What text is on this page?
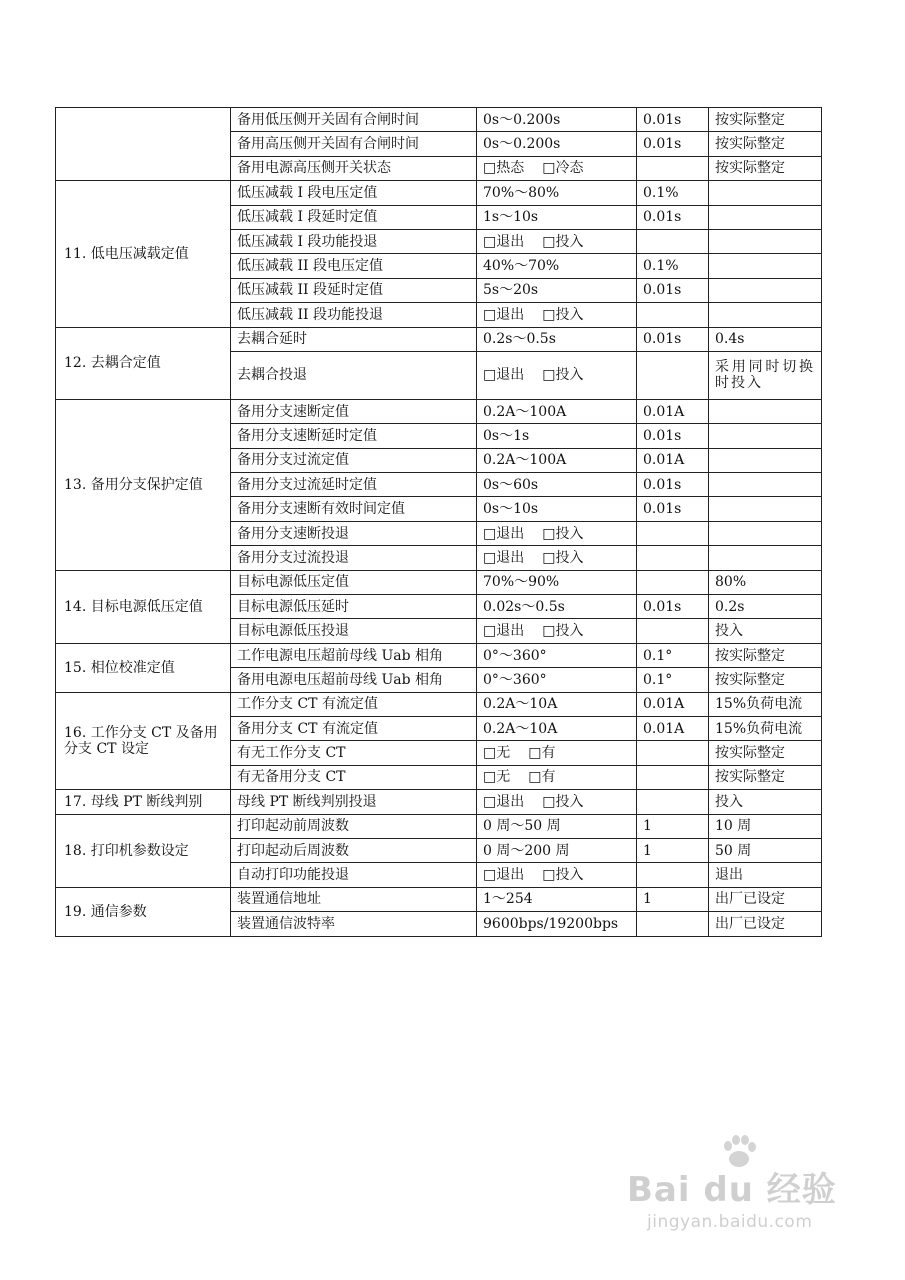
	备用低压侧开关固有合闸时间	0s～0.200s	0.01s	按实际整定
	备用高压侧开关固有合闸时间	0s～0.200s	0.01s	按实际整定
	备用电源高压侧开关状态	□热态 □冷态		按实际整定
11. 低电压减载定值	低压减载 I 段电压定值	70%～80%	0.1%	
	低压减载 I 段延时定值	1s～10s	0.01s	
	低压减载 I 段功能投退	□退出 □投入		
	低压减载 II 段电压定值	40%～70%	0.1%	
	低压减载 II 段延时定值	5s～20s	0.01s	
	低压减载 II 段功能投退	□退出 □投入		
12. 去耦合定值	去耦合延时	0.2s～0.5s	0.01s	0.4s
	去耦合投退	□退出 □投入		采用同时切换时投入
13. 备用分支保护定值	备用分支速断定值	0.2A～100A	0.01A	
	备用分支速断延时定值	0s～1s	0.01s	
	备用分支过流定值	0.2A～100A	0.01A	
	备用分支过流延时定值	0s～60s	0.01s	
	备用分支速断有效时间定值	0s～10s	0.01s	
	备用分支速断投退	□退出 □投入		
	备用分支过流投退	□退出 □投入		
14. 目标电源低压定值	目标电源低压定值	70%～90%		80%
	目标电源低压延时	0.02s～0.5s	0.01s	0.2s
	目标电源低压投退	□退出 □投入		投入
15. 相位校准定值	工作电源电压超前母线 Uab 相角	0°～360°	0.1°	按实际整定
	备用电源电压超前母线 Uab 相角	0°～360°	0.1°	按实际整定
16. 工作分支 CT 及备用分支 CT 设定	工作分支 CT 有流定值	0.2A～10A	0.01A	15%负荷电流
	备用分支 CT 有流定值	0.2A～10A	0.01A	15%负荷电流
	有无工作分支 CT	□无 □有		按实际整定
	有无备用分支 CT	□无 □有		按实际整定
17. 母线 PT 断线判别	母线 PT 断线判别投退	□退出 □投入		投入
18. 打印机参数设定	打印起动前周波数	0 周～50 周	1	10 周
	打印起动后周波数	0 周～200 周	1	50 周
	自动打印功能投退	□退出 □投入		退出
19. 通信参数	装置通信地址	1～254	1	出厂已设定
	装置通信波特率	9600bps/19200bps		出厂已设定
Bai du 经验
jingyan.baidu.com
